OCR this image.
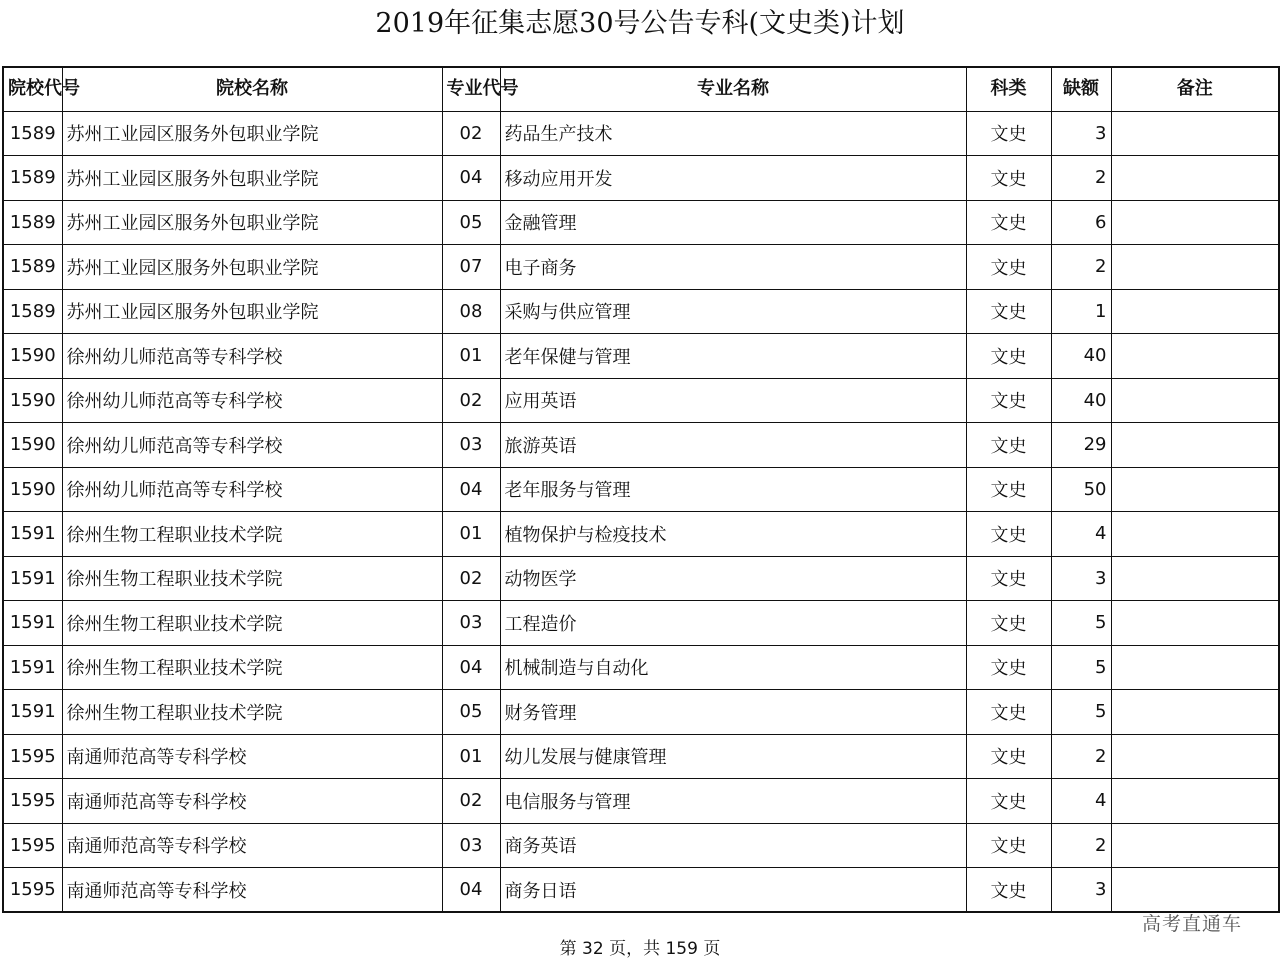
2019年征集志愿30号公告专科(文史类)计划
院校代号	院校名称	专业代号	专业名称	科类	缺额	备注
1589	苏州工业园区服务外包职业学院	02	药品生产技术	文史	3	
1589	苏州工业园区服务外包职业学院	04	移动应用开发	文史	2	
1589	苏州工业园区服务外包职业学院	05	金融管理	文史	6	
1589	苏州工业园区服务外包职业学院	07	电子商务	文史	2	
1589	苏州工业园区服务外包职业学院	08	采购与供应管理	文史	1	
1590	徐州幼儿师范高等专科学校	01	老年保健与管理	文史	40	
1590	徐州幼儿师范高等专科学校	02	应用英语	文史	40	
1590	徐州幼儿师范高等专科学校	03	旅游英语	文史	29	
1590	徐州幼儿师范高等专科学校	04	老年服务与管理	文史	50	
1591	徐州生物工程职业技术学院	01	植物保护与检疫技术	文史	4	
1591	徐州生物工程职业技术学院	02	动物医学	文史	3	
1591	徐州生物工程职业技术学院	03	工程造价	文史	5	
1591	徐州生物工程职业技术学院	04	机械制造与自动化	文史	5	
1591	徐州生物工程职业技术学院	05	财务管理	文史	5	
1595	南通师范高等专科学校	01	幼儿发展与健康管理	文史	2	
1595	南通师范高等专科学校	02	电信服务与管理	文史	4	
1595	南通师范高等专科学校	03	商务英语	文史	2	
1595	南通师范高等专科学校	04	商务日语	文史	3	
高考直通车
第 32 页，共 159 页
